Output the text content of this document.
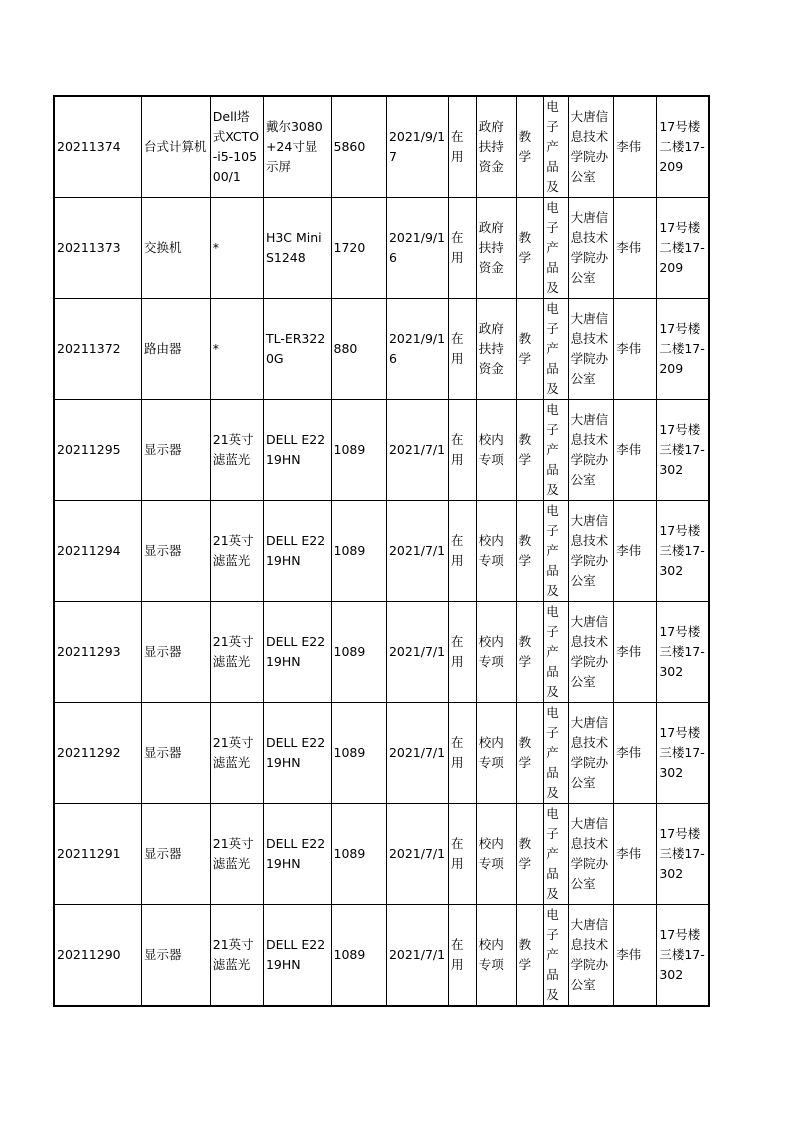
20211374	台式计算机	Dell塔式XCTO-i5-10500/1	戴尔3080+24寸显示屏	5860	2021/9/17	在用	政府扶持资金	教学	电子产品及	大唐信息技术学院办公室	李伟	17号楼二楼17-209
20211373	交换机	*	H3C Mini S1248	1720	2021/9/16	在用	政府扶持资金	教学	电子产品及	大唐信息技术学院办公室	李伟	17号楼二楼17-209
20211372	路由器	*	TL-ER3220G	880	2021/9/16	在用	政府扶持资金	教学	电子产品及	大唐信息技术学院办公室	李伟	17号楼二楼17-209
20211295	显示器	21英寸滤蓝光	DELL E2219HN	1089	2021/7/1	在用	校内专项	教学	电子产品及	大唐信息技术学院办公室	李伟	17号楼三楼17-302
20211294	显示器	21英寸滤蓝光	DELL E2219HN	1089	2021/7/1	在用	校内专项	教学	电子产品及	大唐信息技术学院办公室	李伟	17号楼三楼17-302
20211293	显示器	21英寸滤蓝光	DELL E2219HN	1089	2021/7/1	在用	校内专项	教学	电子产品及	大唐信息技术学院办公室	李伟	17号楼三楼17-302
20211292	显示器	21英寸滤蓝光	DELL E2219HN	1089	2021/7/1	在用	校内专项	教学	电子产品及	大唐信息技术学院办公室	李伟	17号楼三楼17-302
20211291	显示器	21英寸滤蓝光	DELL E2219HN	1089	2021/7/1	在用	校内专项	教学	电子产品及	大唐信息技术学院办公室	李伟	17号楼三楼17-302
20211290	显示器	21英寸滤蓝光	DELL E2219HN	1089	2021/7/1	在用	校内专项	教学	电子产品及	大唐信息技术学院办公室	李伟	17号楼三楼17-302
